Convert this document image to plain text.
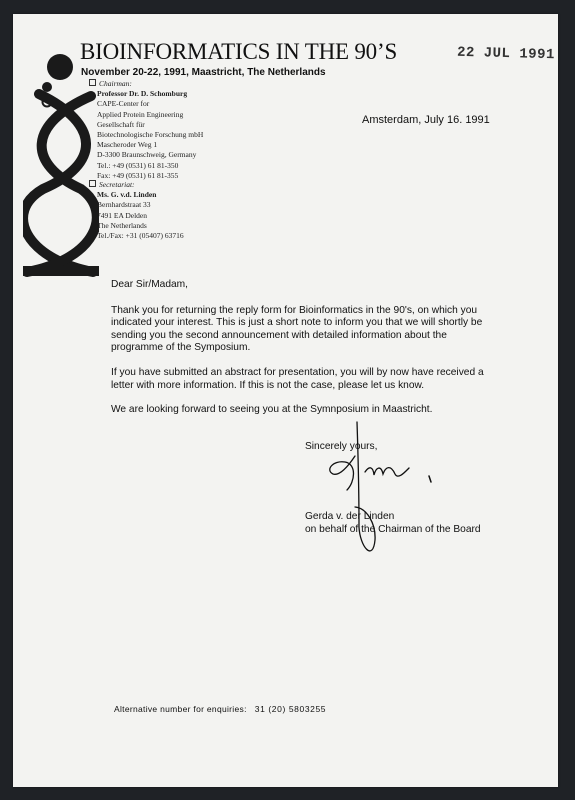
BIOINFORMATICS IN THE 90’S
November 20-22, 1991, Maastricht, The Netherlands
22 JUL 1991
Chairman:
Professor Dr. D. Schomburg
CAPE-Center for
Applied Protein Engineering
Gesellschaft für
Biotechnologische Forschung mbH
Mascheroder Weg 1
D-3300 Braunschweig, Germany
Tel.: +49 (0531) 61 81-350
Fax: +49 (0531) 61 81-355
Secretariat:
Ms. G. v.d. Linden
Bernhardstraat 33
7491 EA Delden
The Netherlands
Tel./Fax: +31 (05407) 63716
Amsterdam, July 16. 1991

Dear Sir/Madam,

Thank you for returning the reply form for Bioinformatics in the 90's, on which you indicated your interest. This is just a short note to inform you that we will shortly be sending you the second announcement with detailed information about the programme of the Symposium.

If you have submitted an abstract for presentation, you will by now have received a letter with more information. If this is not the case, please let us know.

We are looking forward to seeing you at the Symnposium in Maastricht.

Sincerely yours,
Gerda v. der Linden
on behalf of the Chairman of the Board
Alternative number for enquiries: 31 (20) 5803255
